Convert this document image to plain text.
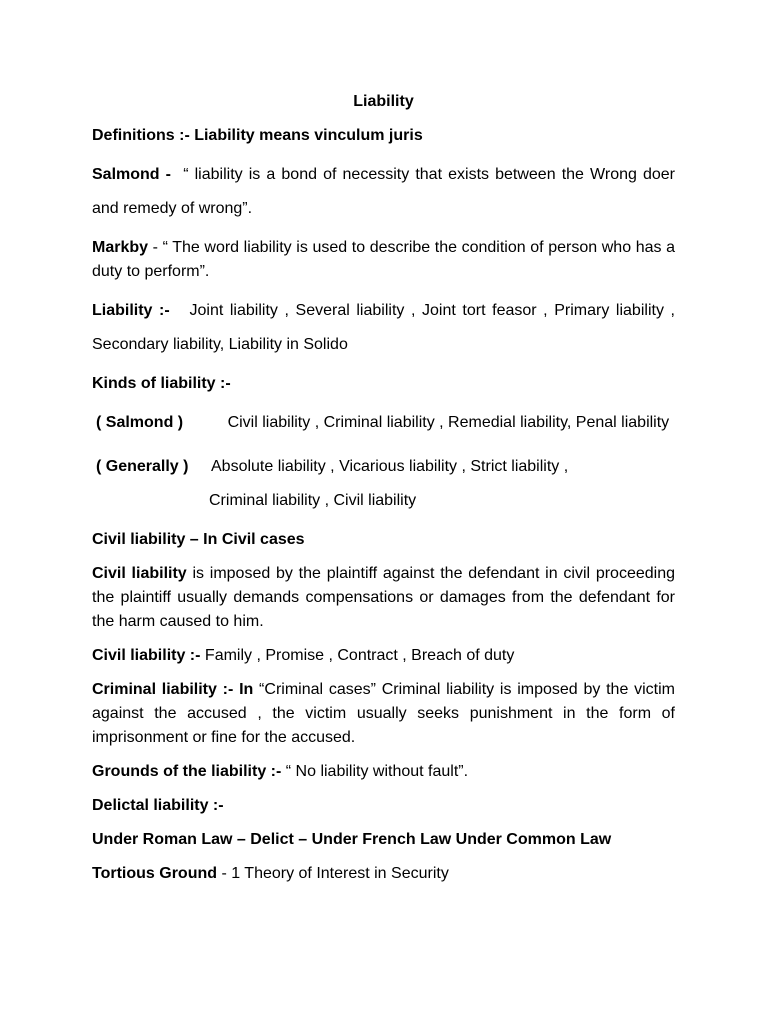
Liability

Definitions :- Liability means vinculum juris

Salmond - “ liability is a bond of necessity that exists between the Wrong doer and remedy of wrong”.

Markby - “ The word liability is used to describe the condition of person who has a duty to perform”.

Liability :- Joint liability , Several liability , Joint tort feasor , Primary liability , Secondary liability, Liability in Solido

Kinds of liability :-

( Salmond )	Civil liability , Criminal liability , Remedial liability, Penal liability

( Generally )	Absolute liability , Vicarious liability , Strict liability ,
Criminal liability , Civil liability

Civil liability – In Civil cases

Civil liability is imposed by the plaintiff against the defendant in civil proceeding the plaintiff usually demands compensations or damages from the defendant for the harm caused to him.

Civil liability :- Family , Promise , Contract , Breach of duty

Criminal liability :- In “Criminal cases” Criminal liability is imposed by the victim against the accused , the victim usually seeks punishment in the form of imprisonment or fine for the accused.

Grounds of the liability :- “ No liability without fault”.

Delictal liability :-

Under Roman Law – Delict – Under French Law Under Common Law

Tortious Ground - 1 Theory of Interest in Security
